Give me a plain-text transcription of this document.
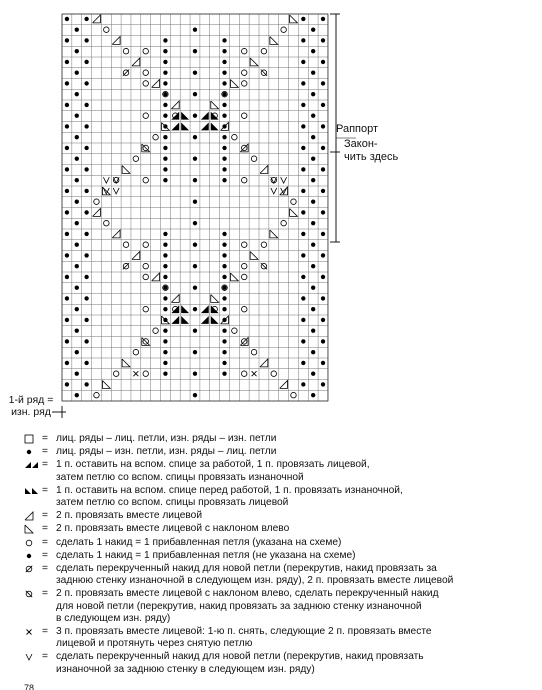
Раппорт
Закон-чить здесь
1-й ряд = изн. ряд
= лиц. ряды – лиц. петли, изн. ряды – изн. петли
= лиц. ряды – изн. петли, изн. ряды – лиц. петли
= 1 п. оставить на вспом. спице за работой, 1 п. провязать лицевой,
затем петлю со вспом. спицы провязать изнаночной
= 1 п. оставить на вспом. спице перед работой, 1 п. провязать изнаночной,
затем петлю со вспом. спицы провязать лицевой
= 2 п. провязать вместе лицевой
= 2 п. провязать вместе лицевой с наклоном влево
= сделать 1 накид = 1 прибавленная петля (указана на схеме)
= сделать 1 накид = 1 прибавленная петля (не указана на схеме)
= сделать перекрученный накид для новой петли (перекрутив, накид провязать за
заднюю стенку изнаночной в следующем изн. ряду), 2 п. провязать вместе лицевой
= 2 п. провязать вместе лицевой с наклоном влево, сделать перекрученный накид
для новой петли (перекрутив, накид провязать за заднюю стенку изнаночной
в следующем изн. ряду)
= 3 п. провязать вместе лицевой: 1-ю п. снять, следующие 2 п. провязать вместе
лицевой и протянуть через снятую петлю
= сделать перекрученный накид для новой петли (перекрутив, накид провязать
изнаночной за заднюю стенку в следующем изн. ряду)
78
